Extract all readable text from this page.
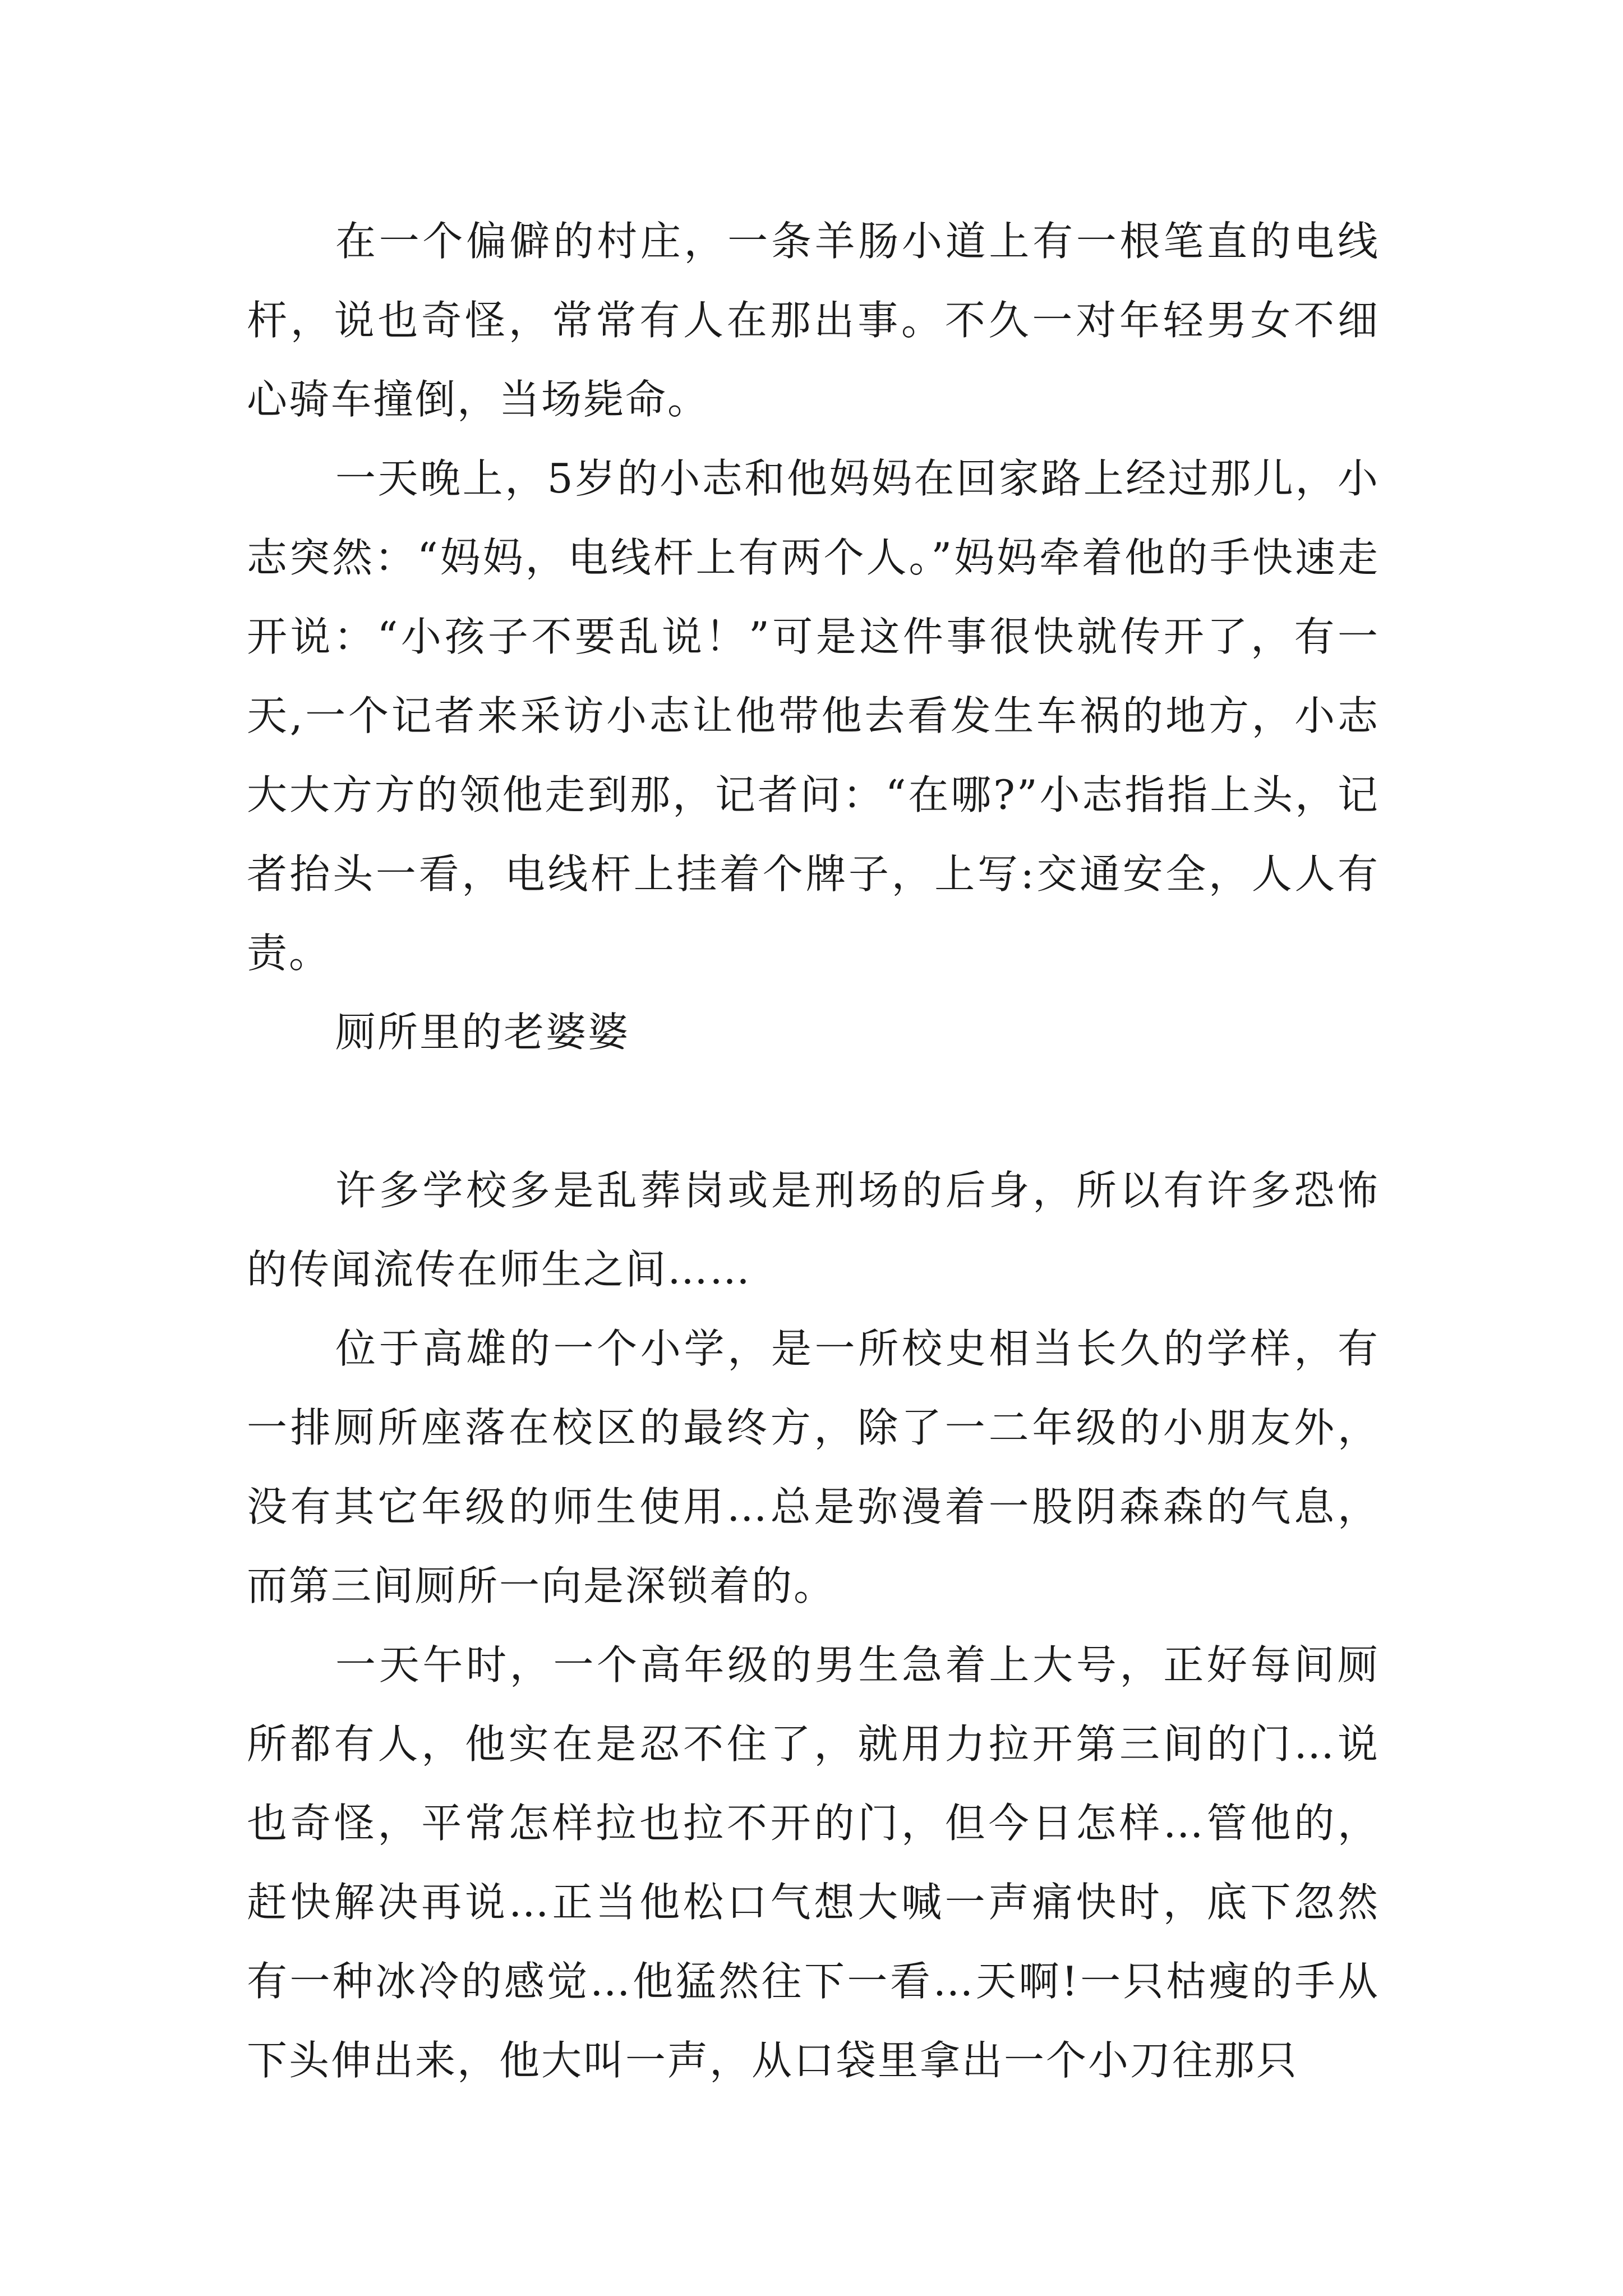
在一个偏僻的村庄，一条羊肠小道上有一根笔直的电线杆，说也奇怪，常常有人在那出事。不久一对年轻男女不细心骑车撞倒，当场毙命。

一天晚上，5岁的小志和他妈妈在回家路上经过那儿，小志突然：“妈妈，电线杆上有两个人。”妈妈牵着他的手快速走开说：“小孩子不要乱说！”可是这件事很快就传开了，有一天,一个记者来采访小志让他带他去看发生车祸的地方，小志大大方方的领他走到那，记者问：“在哪?”小志指指上头，记者抬头一看，电线杆上挂着个牌子，上写:交通安全，人人有责。

厕所里的老婆婆

许多学校多是乱葬岗或是刑场的后身，所以有许多恐怖的传闻流传在师生之间……

位于高雄的一个小学，是一所校史相当长久的学样，有一排厕所座落在校区的最终方，除了一二年级的小朋友外，没有其它年级的师生使用…总是弥漫着一股阴森森的气息，而第三间厕所一向是深锁着的。

一天午时，一个高年级的男生急着上大号，正好每间厕所都有人，他实在是忍不住了，就用力拉开第三间的门…说也奇怪，平常怎样拉也拉不开的门，但今日怎样…管他的，赶快解决再说…正当他松口气想大喊一声痛快时，底下忽然有一种冰冷的感觉…他猛然往下一看…天啊!一只枯瘦的手从下头伸出来，他大叫一声，从口袋里拿出一个小刀往那只
